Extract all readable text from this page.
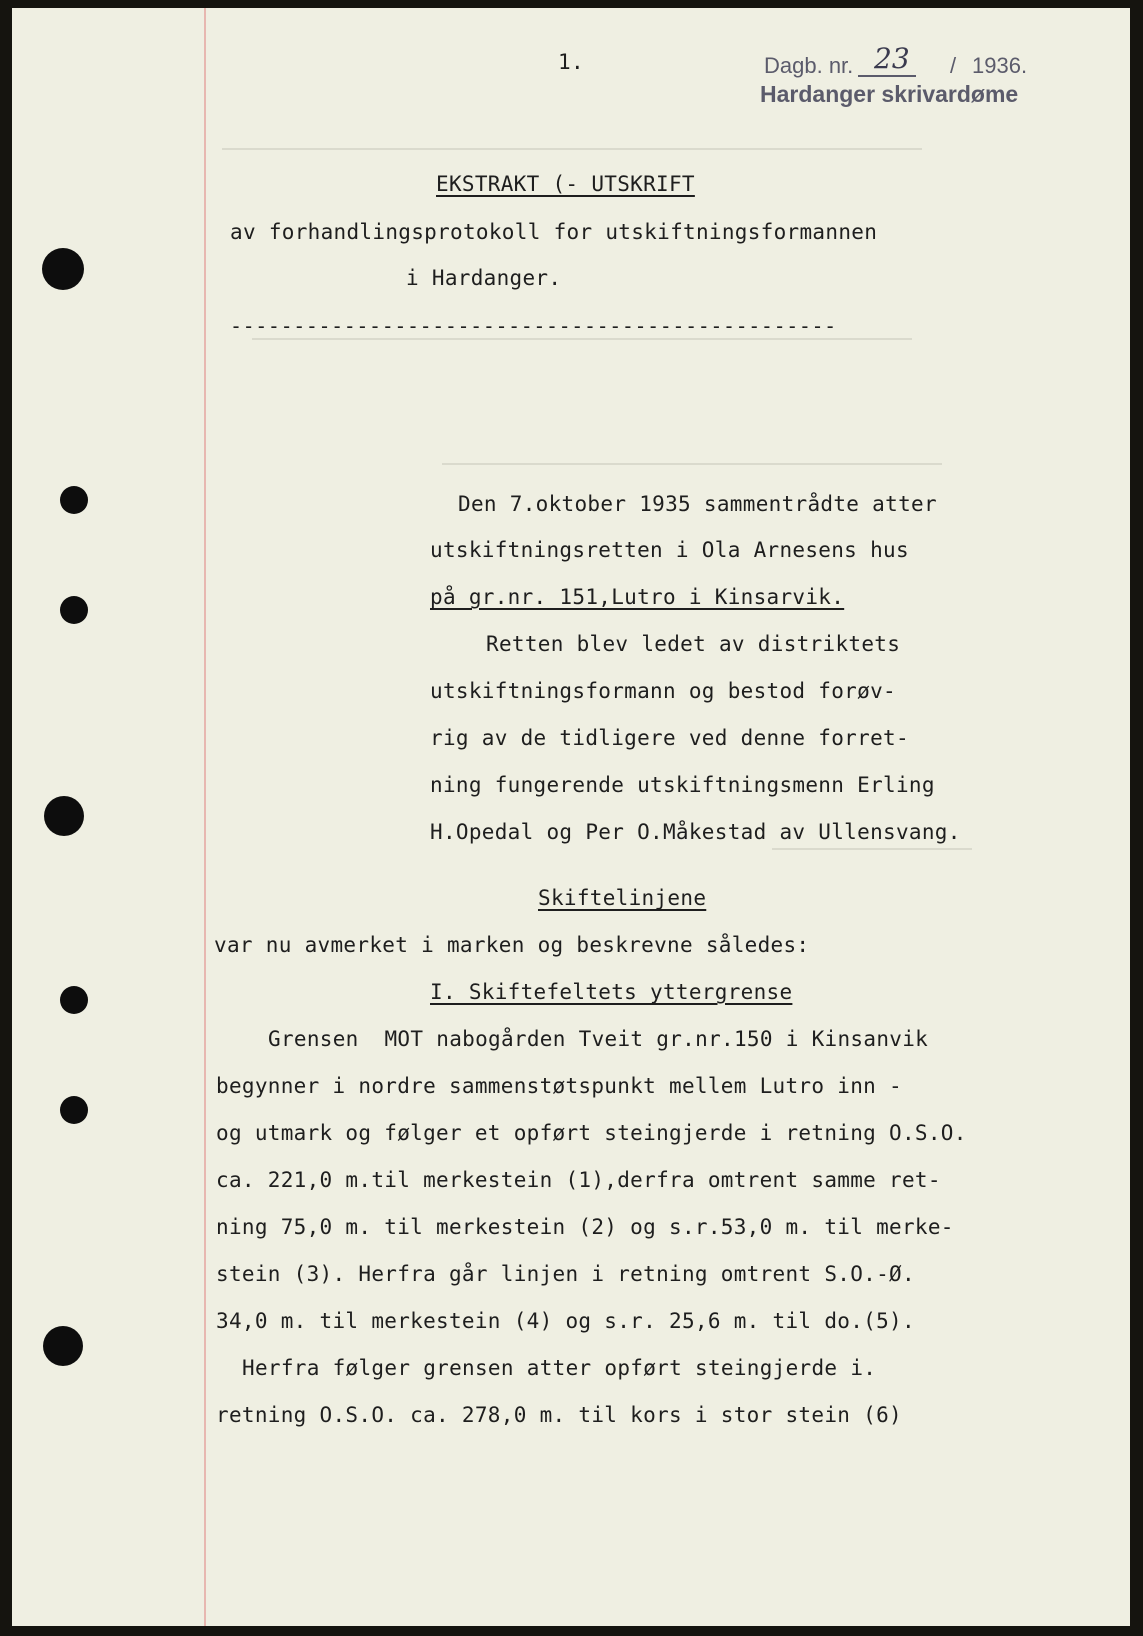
1.	Dagb. nr. 23 / 1936.
Hardanger skrivardøme
EKSTRAKT (- UTSKRIFT
av forhandlingsprotokoll for utskiftningsformannen
i Hardanger.
------------------------------------------------
Den 7.oktober 1935 sammentrådte atter
utskiftningsretten i Ola Arnesens hus
på gr.nr. 151,Lutro i Kinsarvik.
Retten blev ledet av distriktets
utskiftningsformann og bestod forøv-
rig av de tidligere ved denne forret-
ning fungerende utskiftningsmenn Erling
H.Opedal og Per O.Måkestad av Ullensvang.
Skiftelinjene
var nu avmerket i marken og beskrevne således:
I. Skiftefeltets yttergrense
Grensen  MOT nabogården Tveit gr.nr.150 i Kinsanvik
begynner i nordre sammenstøtspunkt mellem Lutro inn -
og utmark og følger et opført steingjerde i retning O.S.O.
ca. 221,0 m.til merkestein (1),derfra omtrent samme ret-
ning 75,0 m. til merkestein (2) og s.r.53,0 m. til merke-
stein (3). Herfra går linjen i retning omtrent S.O.-Ø.
34,0 m. til merkestein (4) og s.r. 25,6 m. til do.(5).
Herfra følger grensen atter opført steingjerde i.
retning O.S.O. ca. 278,0 m. til kors i stor stein (6)
